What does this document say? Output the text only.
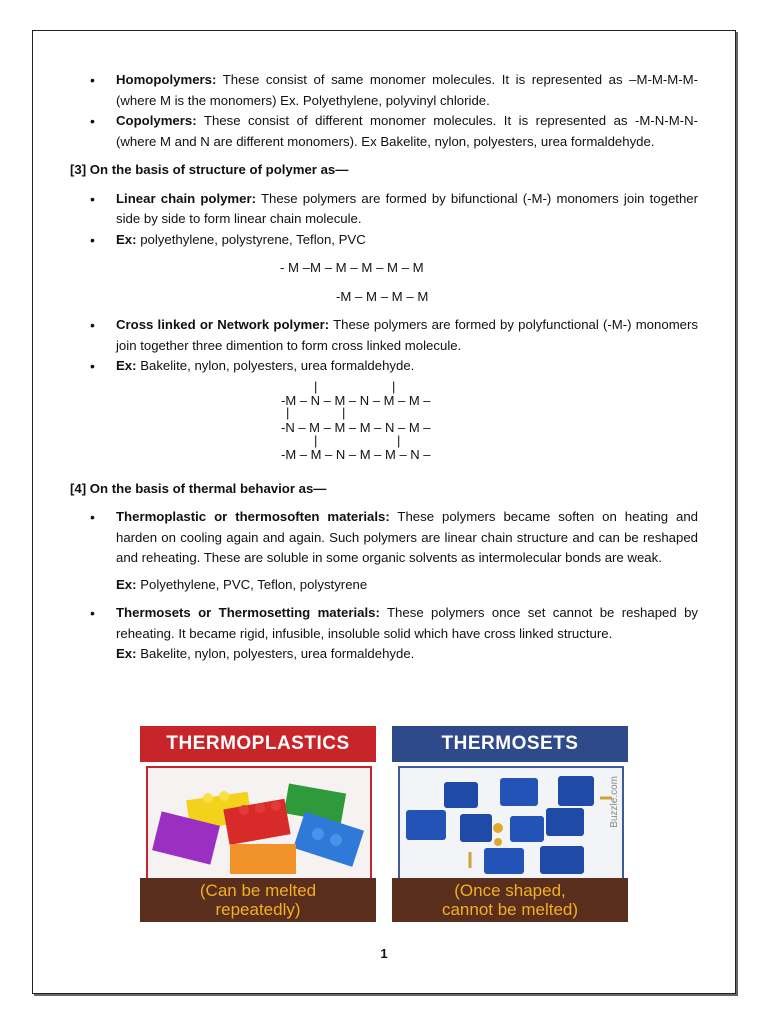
• Homopolymers: These consist of same monomer molecules. It is represented as –M-M-M-M- (where M is the monomers) Ex. Polyethylene, polyvinyl chloride.
• Copolymers: These consist of different monomer molecules. It is represented as -M-N-M-N- (where M and N are different monomers). Ex Bakelite, nylon, polyesters, urea formaldehyde.
[3] On the basis of structure of polymer as—
• Linear chain polymer: These polymers are formed by bifunctional (-M-) monomers join together side by side to form linear chain molecule.
• Ex: polyethylene, polystyrene, Teflon, PVC
- M –M – M – M – M – M
-M – M – M – M
• Cross linked or Network polymer: These polymers are formed by polyfunctional (-M-) monomers join together three dimention to form cross linked molecule.
• Ex: Bakelite, nylon, polyesters, urea formaldehyde.
|	|
-M – N – M – N – M – M –
|	|
-N – M – M – M – N – M –
|	|
-M – M – N – M – M – N –
[4] On the basis of thermal behavior as—
• Thermoplastic or thermosoften materials: These polymers became soften on heating and harden on cooling again and again. Such polymers are linear chain structure and can be reshaped and reheating. These are soluble in some organic solvents as intermolecular bonds are weak.
Ex: Polyethylene, PVC, Teflon, polystyrene
• Thermosets or Thermosetting materials: These polymers once set cannot be reshaped by reheating. It became rigid, infusible, insoluble solid which have cross linked structure.
Ex: Bakelite, nylon, polyesters, urea formaldehyde.
THERMOPLASTICS
(Can be melted
repeatedly)
THERMOSETS
Buzzle.com
(Once shaped,
cannot be melted)
1
